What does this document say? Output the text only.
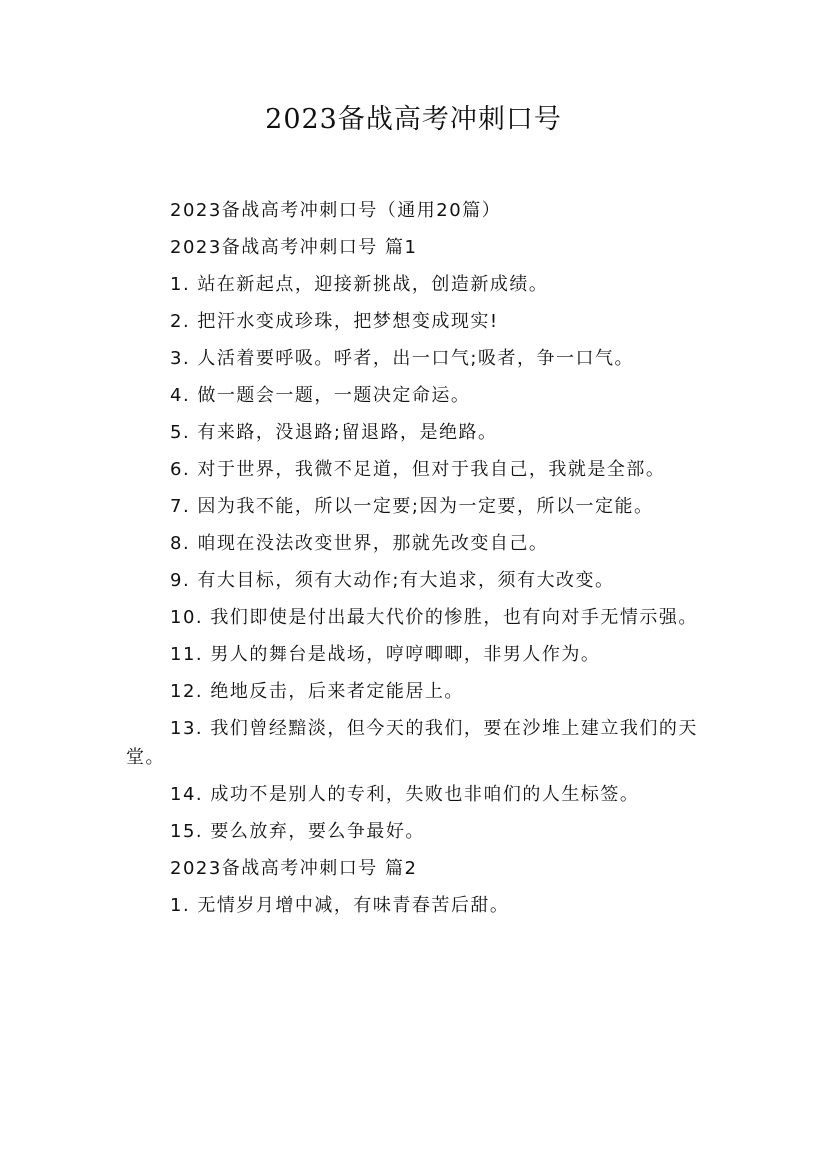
2023备战高考冲刺口号

2023备战高考冲刺口号（通用20篇）

2023备战高考冲刺口号 篇1

1. 站在新起点，迎接新挑战，创造新成绩。

2. 把汗水变成珍珠，把梦想变成现实!

3. 人活着要呼吸。呼者，出一口气;吸者，争一口气。

4. 做一题会一题，一题决定命运。

5. 有来路，没退路;留退路，是绝路。

6. 对于世界，我微不足道，但对于我自己，我就是全部。

7. 因为我不能，所以一定要;因为一定要，所以一定能。

8. 咱现在没法改变世界，那就先改变自己。

9. 有大目标，须有大动作;有大追求，须有大改变。

10. 我们即使是付出最大代价的惨胜，也有向对手无情示强。

11. 男人的舞台是战场，哼哼唧唧，非男人作为。

12. 绝地反击，后来者定能居上。

13. 我们曾经黯淡，但今天的我们，要在沙堆上建立我们的天堂。

14. 成功不是别人的专利，失败也非咱们的人生标签。

15. 要么放弃，要么争最好。

2023备战高考冲刺口号 篇2

1. 无情岁月增中减，有味青春苦后甜。
